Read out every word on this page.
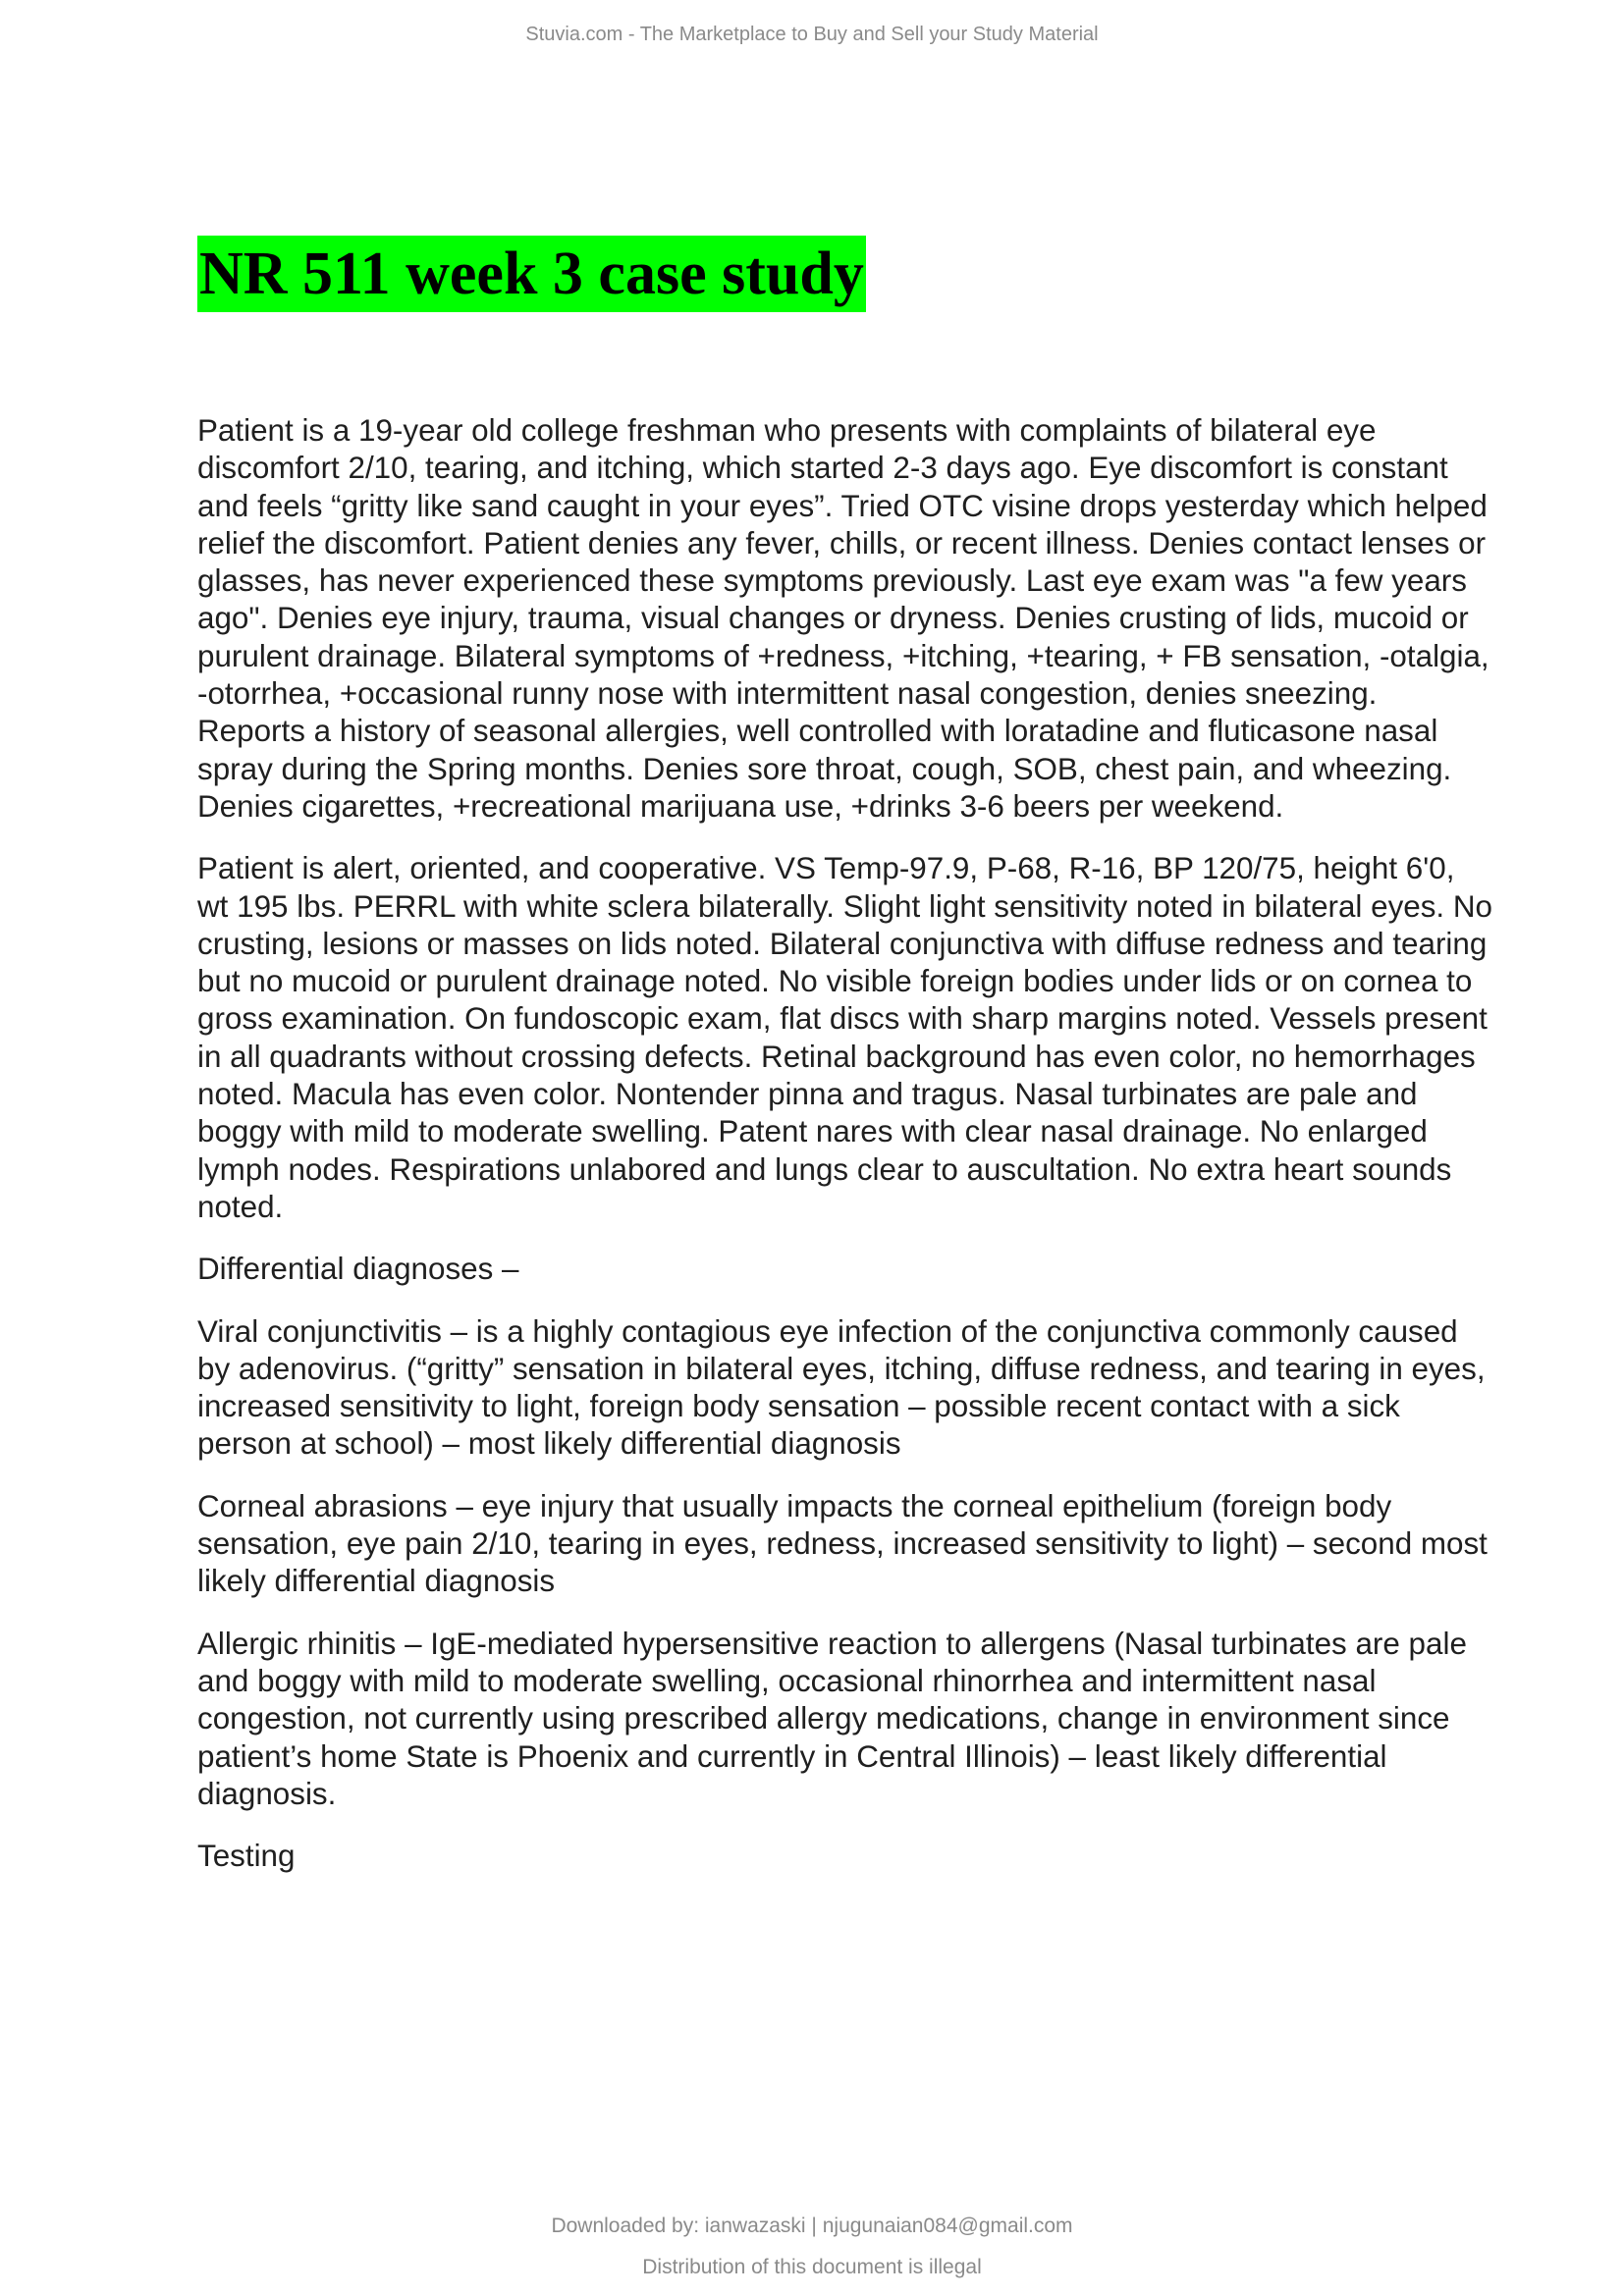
Stuvia.com - The Marketplace to Buy and Sell your Study Material
NR 511 week 3 case study

Patient is a 19-year old college freshman who presents with complaints of bilateral eye discomfort 2/10, tearing, and itching, which started 2-3 days ago. Eye discomfort is constant and feels “gritty like sand caught in your eyes”. Tried OTC visine drops yesterday which helped relief the discomfort. Patient denies any fever, chills, or recent illness. Denies contact lenses or glasses, has never experienced these symptoms previously. Last eye exam was "a few years ago". Denies eye injury, trauma, visual changes or dryness. Denies crusting of lids, mucoid or purulent drainage. Bilateral symptoms of +redness, +itching, +tearing, + FB sensation, -otalgia, -otorrhea, +occasional runny nose with intermittent nasal congestion, denies sneezing. Reports a history of seasonal allergies, well controlled with loratadine and fluticasone nasal spray during the Spring months. Denies sore throat, cough, SOB, chest pain, and wheezing. Denies cigarettes, +recreational marijuana use, +drinks 3-6 beers per weekend.

Patient is alert, oriented, and cooperative. VS Temp-97.9, P-68, R-16, BP 120/75, height 6'0, wt 195 lbs. PERRL with white sclera bilaterally. Slight light sensitivity noted in bilateral eyes. No crusting, lesions or masses on lids noted. Bilateral conjunctiva with diffuse redness and tearing but no mucoid or purulent drainage noted. No visible foreign bodies under lids or on cornea to gross examination. On fundoscopic exam, flat discs with sharp margins noted. Vessels present in all quadrants without crossing defects. Retinal background has even color, no hemorrhages noted. Macula has even color. Nontender pinna and tragus. Nasal turbinates are pale and boggy with mild to moderate swelling. Patent nares with clear nasal drainage. No enlarged lymph nodes. Respirations unlabored and lungs clear to auscultation. No extra heart sounds noted.

Differential diagnoses –

Viral conjunctivitis – is a highly contagious eye infection of the conjunctiva commonly caused by adenovirus. (“gritty” sensation in bilateral eyes, itching, diffuse redness, and tearing in eyes, increased sensitivity to light, foreign body sensation – possible recent contact with a sick person at school) – most likely differential diagnosis

Corneal abrasions – eye injury that usually impacts the corneal epithelium (foreign body sensation, eye pain 2/10, tearing in eyes, redness, increased sensitivity to light) – second most likely differential diagnosis

Allergic rhinitis – IgE-mediated hypersensitive reaction to allergens (Nasal turbinates are pale and boggy with mild to moderate swelling, occasional rhinorrhea and intermittent nasal congestion, not currently using prescribed allergy medications, change in environment since patient’s home State is Phoenix and currently in Central Illinois) – least likely differential diagnosis.

Testing

Downloaded by: ianwazaski | njugunaian084@gmail.com
Distribution of this document is illegal
